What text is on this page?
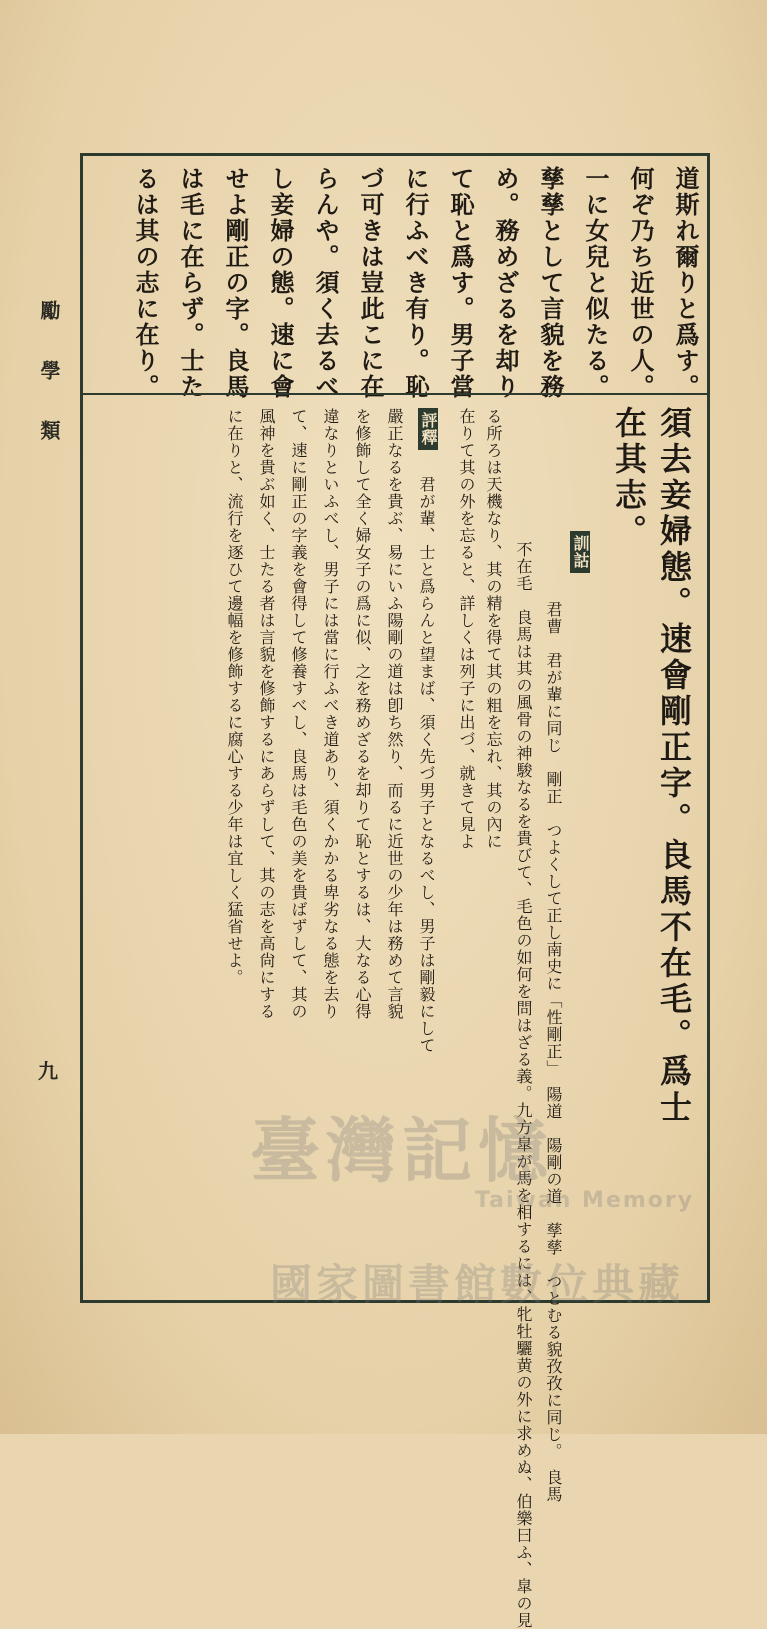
勵學類
九
道斯れ爾りと爲す。
何ぞ乃ち近世の人。
一に女兒と似たる。
孳孳として言貌を務
め。務めざるを却り
て恥と爲す。男子當
に行ふべき有り。恥
づ可きは豈此こに在
らんや。須く去るべ
し妾婦の態。速に會
せよ剛正の字。良馬
は毛に在らず。士た
るは其の志に在り。
須去妾婦態。速會剛正字。良馬不在毛。爲士
在其志。
訓詁
君曹　君が輩に同じ　剛正　つよくして正し南史に「性剛正」　陽道　陽剛の道　孳孳　つとむる貌孜孜に同じ。　良馬
不在毛　良馬は其の風骨の神駿なるを貴びて、毛色の如何を問はざる義。九方皐が馬を相するには、牝牡驪黄の外に求めぬ、伯樂曰ふ、皐の見
る所ろは天機なり、其の精を得て其の粗を忘れ、其の內に
在りて其の外を忘ると、詳しくは列子に出づ、就きて見よ
評釋
君が輩、士と爲らんと望まば、須く先づ男子となるべし、男子は剛毅にして
嚴正なるを貴ぶ、易にいふ陽剛の道は卽ち然り、而るに近世の少年は務めて言貌
を修飾して全く婦女子の爲に似、之を務めざるを却りて恥とするは、大なる心得
違なりといふべし、男子には當に行ふべき道あり、須くかかる卑劣なる態を去り
て、速に剛正の字義を會得して修養すべし、良馬は毛色の美を貴ばずして、其の
風神を貴ぶ如く、士たる者は言貌を修飾するにあらずして、其の志を高尙にする
に在りと、流行を逐ひて邊幅を修飾するに腐心する少年は宜しく猛省せよ。
臺灣記憶
Taiwan Memory
國家圖書館數位典藏
